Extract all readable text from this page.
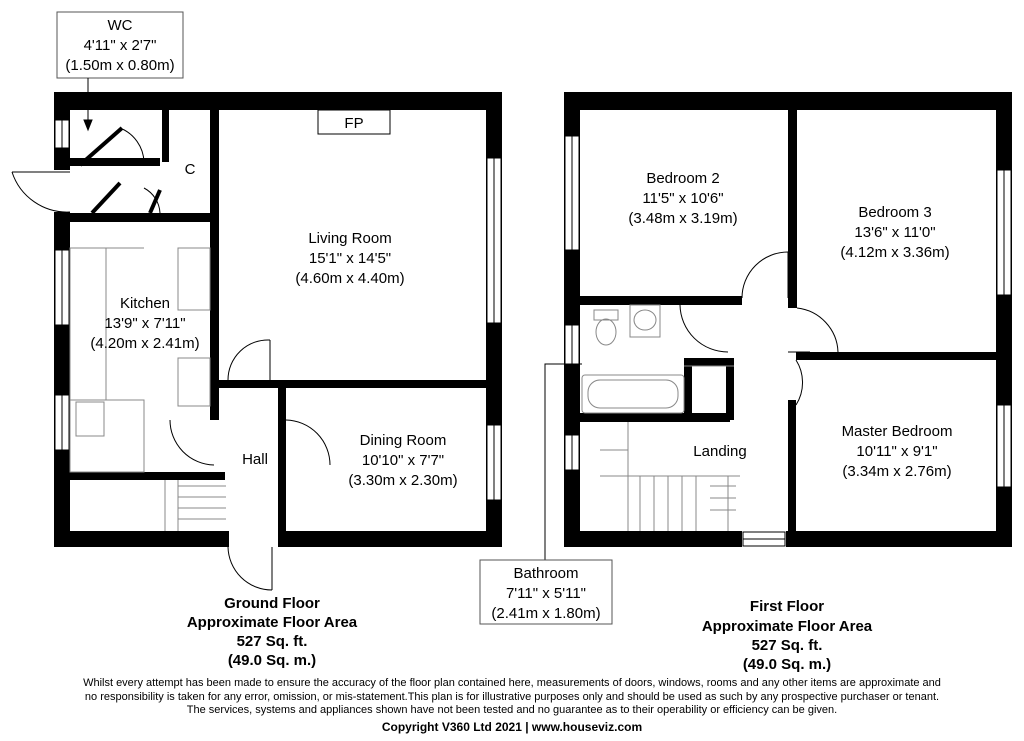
WC
4'11" x 2'7"
(1.50m x 0.80m)
FP
C
Living Room
15'1" x 14'5"
(4.60m x 4.40m)
Kitchen
13'9" x 7'11"
(4.20m x 2.41m)
Hall
Dining Room
10'10" x 7'7"
(3.30m x 2.30m)
Ground Floor
Approximate Floor Area
527 Sq. ft.
(49.0 Sq. m.)
Bedroom 2
11'5" x 10'6"
(3.48m x 3.19m)	Bedroom 3
13'6" x 11'0"
(4.12m x 3.36m)
Landing
Master Bedroom
10'11" x 9'1"
(3.34m x 2.76m)
Bathroom
7'11" x 5'11"
(2.41m x 1.80m)	First Floor
Approximate Floor Area
527 Sq. ft.
(49.0 Sq. m.)

Whilst every attempt has been made to ensure the accuracy of the floor plan contained here, measurements of doors, windows, rooms and any other items are approximate and

no responsibility is taken for any error, omission, or mis-statement.This plan is for illustrative purposes only and should be used as such by any prospective purchaser or tenant.

The services, systems and appliances shown have not been tested and no guarantee as to their operability or efficiency can be given.

Copyright V360 Ltd 2021 | www.houseviz.com
